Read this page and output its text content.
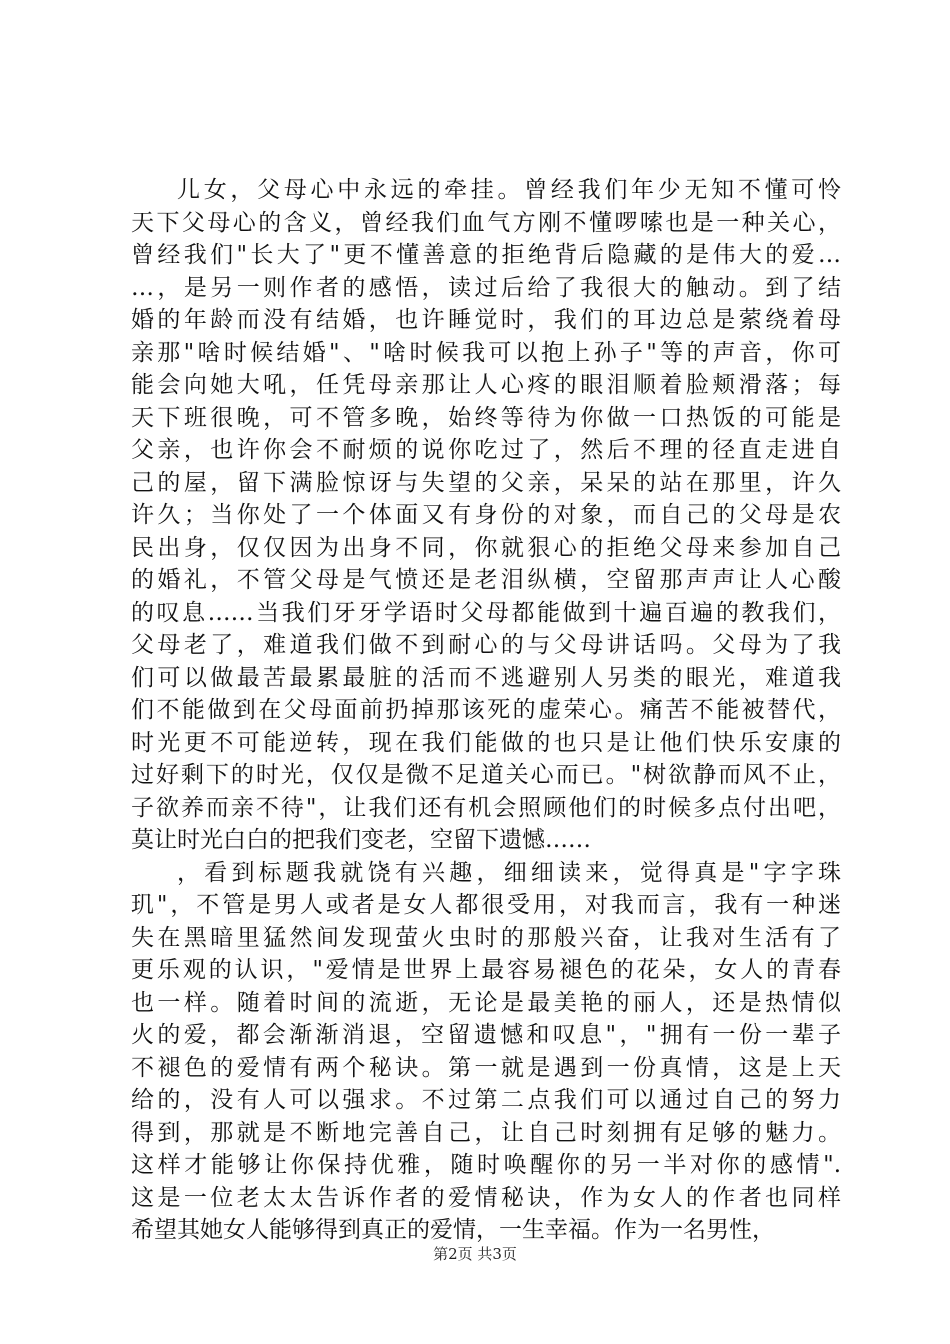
儿女，父母心中永远的牵挂。曾经我们年少无知不懂可怜
天下父母心的含义，曾经我们血气方刚不懂啰嗦也是一种关心，
曾经我们"长大了"更不懂善意的拒绝背后隐藏的是伟大的爱…
…，是另一则作者的感悟，读过后给了我很大的触动。到了结
婚的年龄而没有结婚，也许睡觉时，我们的耳边总是萦绕着母
亲那"啥时候结婚"、"啥时候我可以抱上孙子"等的声音，你可
能会向她大吼，任凭母亲那让人心疼的眼泪顺着脸颊滑落；每
天下班很晚，可不管多晚，始终等待为你做一口热饭的可能是
父亲，也许你会不耐烦的说你吃过了，然后不理的径直走进自
己的屋，留下满脸惊讶与失望的父亲，呆呆的站在那里，许久
许久；当你处了一个体面又有身份的对象，而自己的父母是农
民出身，仅仅因为出身不同，你就狠心的拒绝父母来参加自己
的婚礼，不管父母是气愤还是老泪纵横，空留那声声让人心酸
的叹息……当我们牙牙学语时父母都能做到十遍百遍的教我们，
父母老了，难道我们做不到耐心的与父母讲话吗。父母为了我
们可以做最苦最累最脏的活而不逃避别人另类的眼光，难道我
们不能做到在父母面前扔掉那该死的虚荣心。痛苦不能被替代，
时光更不可能逆转，现在我们能做的也只是让他们快乐安康的
过好剩下的时光，仅仅是微不足道关心而已。"树欲静而风不止，
子欲养而亲不待"，让我们还有机会照顾他们的时候多点付出吧，
莫让时光白白的把我们变老，空留下遗憾……
，看到标题我就饶有兴趣，细细读来，觉得真是"字字珠
玑"，不管是男人或者是女人都很受用，对我而言，我有一种迷
失在黑暗里猛然间发现萤火虫时的那般兴奋，让我对生活有了
更乐观的认识，"爱情是世界上最容易褪色的花朵，女人的青春
也一样。随着时间的流逝，无论是最美艳的丽人，还是热情似
火的爱，都会渐渐消退，空留遗憾和叹息"，"拥有一份一辈子
不褪色的爱情有两个秘诀。第一就是遇到一份真情，这是上天
给的，没有人可以强求。不过第二点我们可以通过自己的努力
得到，那就是不断地完善自己，让自己时刻拥有足够的魅力。
这样才能够让你保持优雅，随时唤醒你的另一半对你的感情".
这是一位老太太告诉作者的爱情秘诀，作为女人的作者也同样
希望其她女人能够得到真正的爱情，一生幸福。作为一名男性，
第2页 共3页
